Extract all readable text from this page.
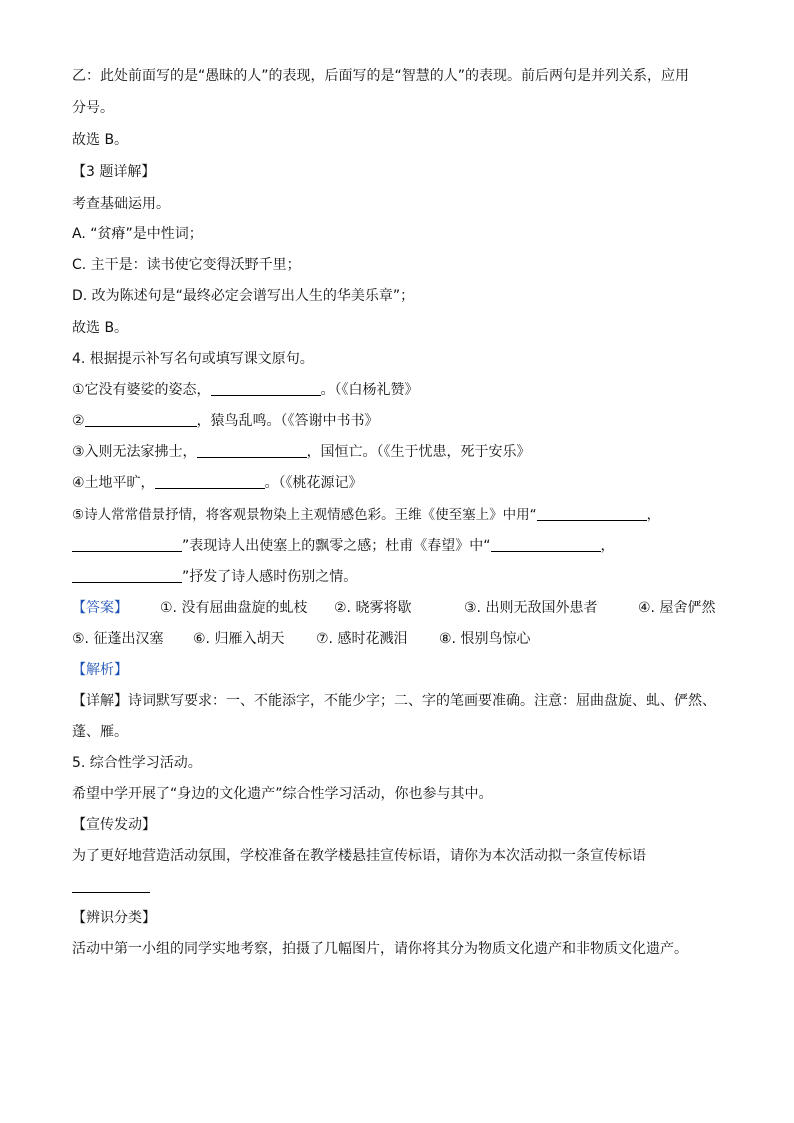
乙：此处前面写的是“愚昧的人”的表现，后面写的是“智慧的人”的表现。前后两句是并列关系，应用
分号。
故选 B。
【3 题详解】
考查基础运用。
A. “贫瘠”是中性词；
C. 主干是：读书使它变得沃野千里；
D. 改为陈述句是“最终必定会谱写出人生的华美乐章”；
故选 B。
4. 根据提示补写名句或填写课文原句。
①它没有婆娑的姿态，	。（《白杨礼赞》
②	，猿鸟乱鸣。（《答谢中书书》
③入则无法家拂士，	，国恒亡。（《生于忧患，死于安乐》
④土地平旷，	。（《桃花源记》
⑤诗人常常借景抒情，将客观景物染上主观情感色彩。王维《使至塞上》中用“	，
”表现诗人出使塞上的飘零之感；杜甫《春望》中“	，
”抒发了诗人感时伤别之情。
【答案】 ①. 没有屈曲盘旋的虬枝 ②. 晓雾将歇	③. 出则无敌国外患者	④. 屋舍俨然
⑤. 征蓬出汉塞 ⑥. 归雁入胡天 ⑦. 感时花溅泪 ⑧. 恨别鸟惊心
【解析】
【详解】诗词默写要求：一、不能添字，不能少字；二、字的笔画要准确。注意：屈曲盘旋、虬、俨然、
蓬、雁。
5. 综合性学习活动。
希望中学开展了“身边的文化遗产”综合性学习活动，你也参与其中。
【宣传发动】
为了更好地营造活动氛围，学校准备在教学楼悬挂宣传标语，请你为本次活动拟一条宣传标语
【辨识分类】
活动中第一小组的同学实地考察，拍摄了几幅图片，请你将其分为物质文化遗产和非物质文化遗产。
